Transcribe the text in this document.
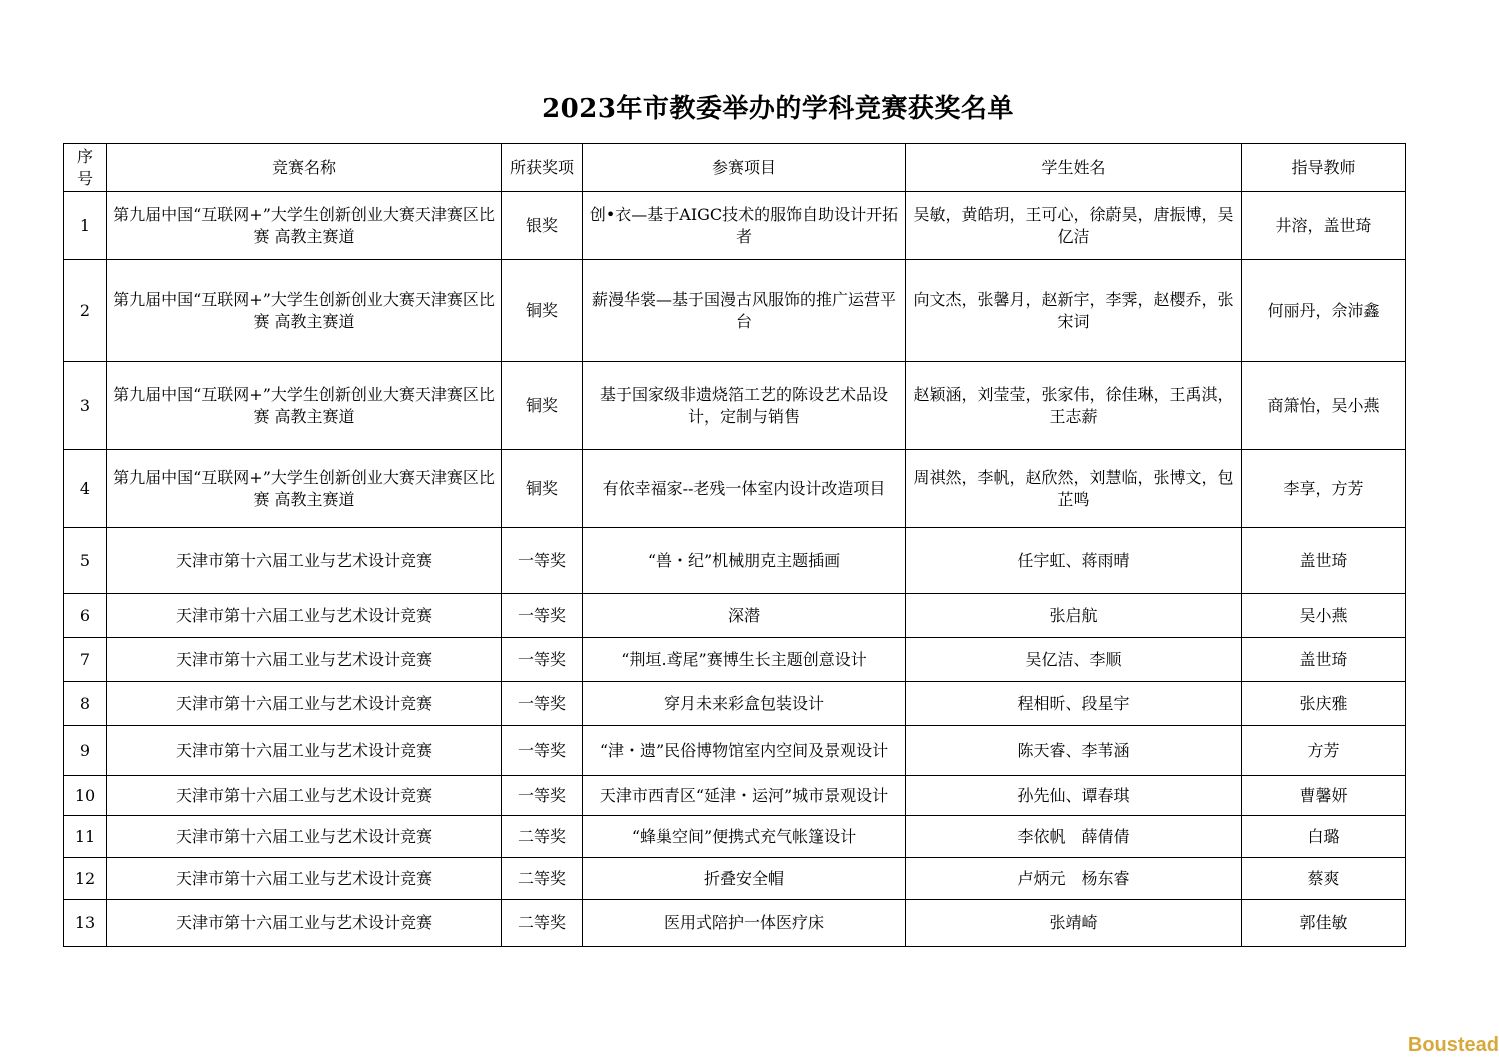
2023年市教委举办的学科竞赛获奖名单
序号	竞赛名称	所获奖项	参赛项目	学生姓名	指导教师
1	第九届中国“互联网+”大学生创新创业大赛天津赛区比赛 高教主赛道	银奖	创•衣—基于AIGC技术的服饰自助设计开拓者	吴敏，黄皓玥，王可心，徐蔚昊，唐振博，吴亿洁	井溶，盖世琦
2	第九届中国“互联网+”大学生创新创业大赛天津赛区比赛 高教主赛道	铜奖	薪漫华裳—基于国漫古风服饰的推广运营平台	向文杰，张馨月，赵新宇，李霁，赵樱乔，张宋词	何丽丹，佘沛鑫
3	第九届中国“互联网+”大学生创新创业大赛天津赛区比赛 高教主赛道	铜奖	基于国家级非遗烧箔工艺的陈设艺术品设计，定制与销售	赵颖涵，刘莹莹，张家伟，徐佳琳，王禹淇，王志薪	商箫怡，吴小燕
4	第九届中国“互联网+”大学生创新创业大赛天津赛区比赛 高教主赛道	铜奖	有依幸福家--老残一体室内设计改造项目	周祺然，李帆，赵欣然，刘慧临，张博文，包芷鸣	李享，方芳
5	天津市第十六届工业与艺术设计竞赛	一等奖	“兽・纪”机械朋克主题插画	任宇虹、蒋雨晴	盖世琦
6	天津市第十六届工业与艺术设计竞赛	一等奖	深潜	张启航	吴小燕
7	天津市第十六届工业与艺术设计竞赛	一等奖	“荆垣.鸢尾”赛博生长主题创意设计	吴亿洁、李顺	盖世琦
8	天津市第十六届工业与艺术设计竞赛	一等奖	穿月未来彩盒包装设计	程相昕、段星宇	张庆雅
9	天津市第十六届工业与艺术设计竞赛	一等奖	“津・遗”民俗博物馆室内空间及景观设计	陈天睿、李苇涵	方芳
10	天津市第十六届工业与艺术设计竞赛	一等奖	天津市西青区“延津・运河”城市景观设计	孙先仙、谭春琪	曹馨妍
11	天津市第十六届工业与艺术设计竞赛	二等奖	“蜂巢空间”便携式充气帐篷设计	李依帆　薛倩倩	白璐
12	天津市第十六届工业与艺术设计竞赛	二等奖	折叠安全帽	卢炳元　杨东睿	蔡爽
13	天津市第十六届工业与艺术设计竞赛	二等奖	医用式陪护一体医疗床	张靖崎	郭佳敏
Boustead
